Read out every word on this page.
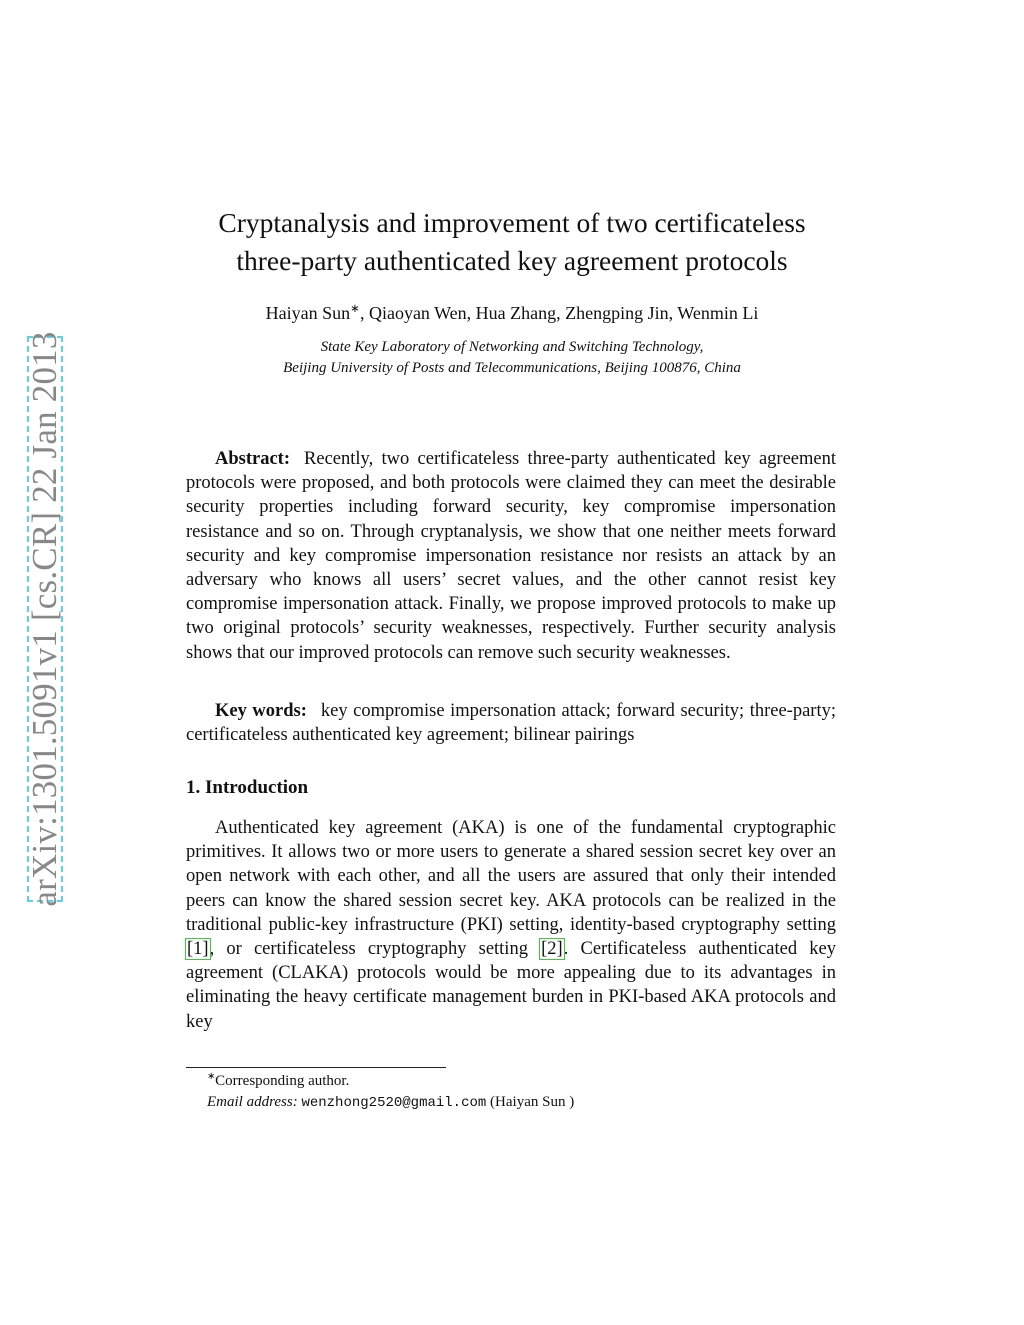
arXiv:1301.5091v1 [cs.CR] 22 Jan 2013
Cryptanalysis and improvement of two certificateless
three-party authenticated key agreement protocols
Haiyan Sun∗, Qiaoyan Wen, Hua Zhang, Zhengping Jin, Wenmin Li
State Key Laboratory of Networking and Switching Technology,
Beijing University of Posts and Telecommunications, Beijing 100876, China

Abstract: Recently, two certificateless three-party authenticated key agreement protocols were proposed, and both protocols were claimed they can meet the desirable security properties including forward security, key compromise impersonation resistance and so on. Through cryptanalysis, we show that one neither meets forward security and key compromise impersonation resistance nor resists an attack by an adversary who knows all users’ secret values, and the other cannot resist key compromise impersonation attack. Finally, we propose improved protocols to make up two original protocols’ security weaknesses, respectively. Further security analysis shows that our improved protocols can remove such security weaknesses.

Key words: key compromise impersonation attack; forward security; three-party; certificateless authenticated key agreement; bilinear pairings

1. Introduction

Authenticated key agreement (AKA) is one of the fundamental cryptographic primitives. It allows two or more users to generate a shared session secret key over an open network with each other, and all the users are assured that only their intended peers can know the shared session secret key. AKA protocols can be realized in the traditional public-key infrastructure (PKI) setting, identity-based cryptography setting [1], or certificateless cryptography setting [2]. Certificateless authenticated key agreement (CLAKA) protocols would be more appealing due to its advantages in eliminating the heavy certificate management burden in PKI-based AKA protocols and key

∗Corresponding author.
Email address: wenzhong2520@gmail.com (Haiyan Sun )
